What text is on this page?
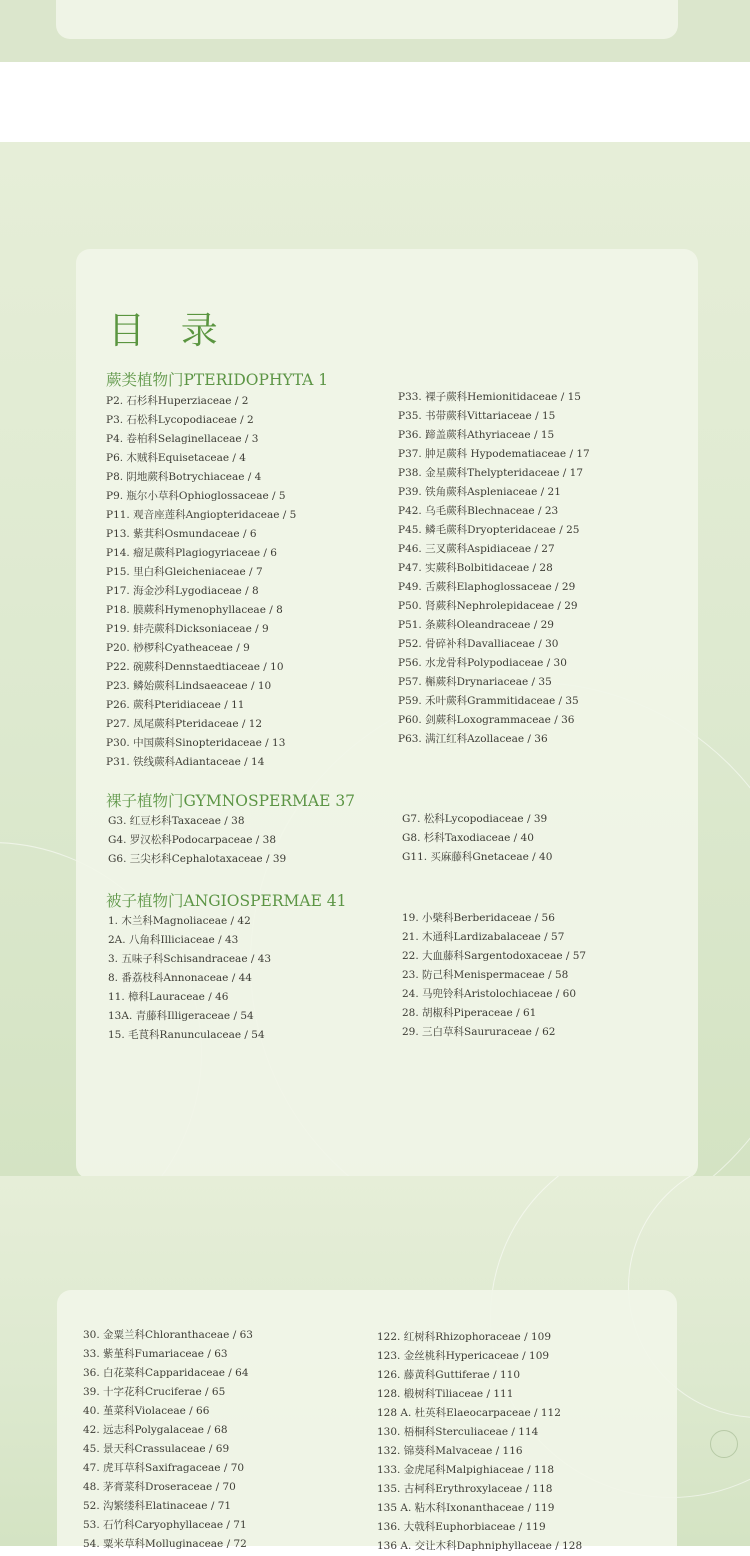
目 录
蕨类植物门PTERIDOPHYTA 1
裸子植物门GYMNOSPERMAE 37
被子植物门ANGIOSPERMAE 41
P2. 石杉科Huperziaceae / 2
P3. 石松科Lycopodiaceae / 2
P4. 卷柏科Selaginellaceae / 3
P6. 木贼科Equisetaceae / 4
P8. 阴地蕨科Botrychiaceae / 4
P9. 瓶尔小草科Ophioglossaceae / 5
P11. 观音座莲科Angiopteridaceae / 5
P13. 紫萁科Osmundaceae / 6
P14. 瘤足蕨科Plagiogyriaceae / 6
P15. 里白科Gleicheniaceae / 7
P17. 海金沙科Lygodiaceae / 8
P18. 膜蕨科Hymenophyllaceae / 8
P19. 蚌壳蕨科Dicksoniaceae / 9
P20. 桫椤科Cyatheaceae / 9
P22. 碗蕨科Dennstaedtiaceae / 10
P23. 鳞始蕨科Lindsaeaceae / 10
P26. 蕨科Pteridiaceae / 11
P27. 凤尾蕨科Pteridaceae / 12
P30. 中国蕨科Sinopteridaceae / 13
P31. 铁线蕨科Adiantaceae / 14
P33. 裸子蕨科Hemionitidaceae / 15
P35. 书带蕨科Vittariaceae / 15
P36. 蹄盖蕨科Athyriaceae / 15
P37. 肿足蕨科 Hypodematiaceae / 17
P38. 金星蕨科Thelypteridaceae / 17
P39. 铁角蕨科Aspleniaceae / 21
P42. 乌毛蕨科Blechnaceae / 23
P45. 鳞毛蕨科Dryopteridaceae / 25
P46. 三叉蕨科Aspidiaceae / 27
P47. 实蕨科Bolbitidaceae / 28
P49. 舌蕨科Elaphoglossaceae / 29
P50. 肾蕨科Nephrolepidaceae / 29
P51. 条蕨科Oleandraceae / 29
P52. 骨碎补科Davalliaceae / 30
P56. 水龙骨科Polypodiaceae / 30
P57. 槲蕨科Drynariaceae / 35
P59. 禾叶蕨科Grammitidaceae / 35
P60. 剑蕨科Loxogrammaceae / 36
P63. 满江红科Azollaceae / 36
G3. 红豆杉科Taxaceae / 38
G4. 罗汉松科Podocarpaceae / 38
G6. 三尖杉科Cephalotaxaceae / 39
G7. 松科Lycopodiaceae / 39
G8. 杉科Taxodiaceae / 40
G11. 买麻藤科Gnetaceae / 40
1. 木兰科Magnoliaceae / 42
2A. 八角科Illiciaceae / 43
3. 五味子科Schisandraceae / 43
8. 番荔枝科Annonaceae / 44
11. 樟科Lauraceae / 46
13A. 青藤科Illigeraceae / 54
15. 毛茛科Ranunculaceae / 54
19. 小檗科Berberidaceae / 56
21. 木通科Lardizabalaceae / 57
22. 大血藤科Sargentodoxaceae / 57
23. 防己科Menispermaceae / 58
24. 马兜铃科Aristolochiaceae / 60
28. 胡椒科Piperaceae / 61
29. 三白草科Saururaceae / 62
30. 金粟兰科Chloranthaceae / 63
33. 紫堇科Fumariaceae / 63
36. 白花菜科Capparidaceae / 64
39. 十字花科Cruciferae / 65
40. 堇菜科Violaceae / 66
42. 远志科Polygalaceae / 68
45. 景天科Crassulaceae / 69
47. 虎耳草科Saxifragaceae / 70
48. 茅膏菜科Droseraceae / 70
52. 沟繁缕科Elatinaceae / 71
53. 石竹科Caryophyllaceae / 71
54. 粟米草科Molluginaceae / 72
122. 红树科Rhizophoraceae / 109
123. 金丝桃科Hypericaceae / 109
126. 藤黄科Guttiferae / 110
128. 椴树科Tiliaceae / 111
128 A. 杜英科Elaeocarpaceae / 112
130. 梧桐科Sterculiaceae / 114
132. 锦葵科Malvaceae / 116
133. 金虎尾科Malpighiaceae / 118
135. 古柯科Erythroxylaceae / 118
135 A. 粘木科Ixonanthaceae / 119
136. 大戟科Euphorbiaceae / 119
136 A. 交让木科Daphniphyllaceae / 128
